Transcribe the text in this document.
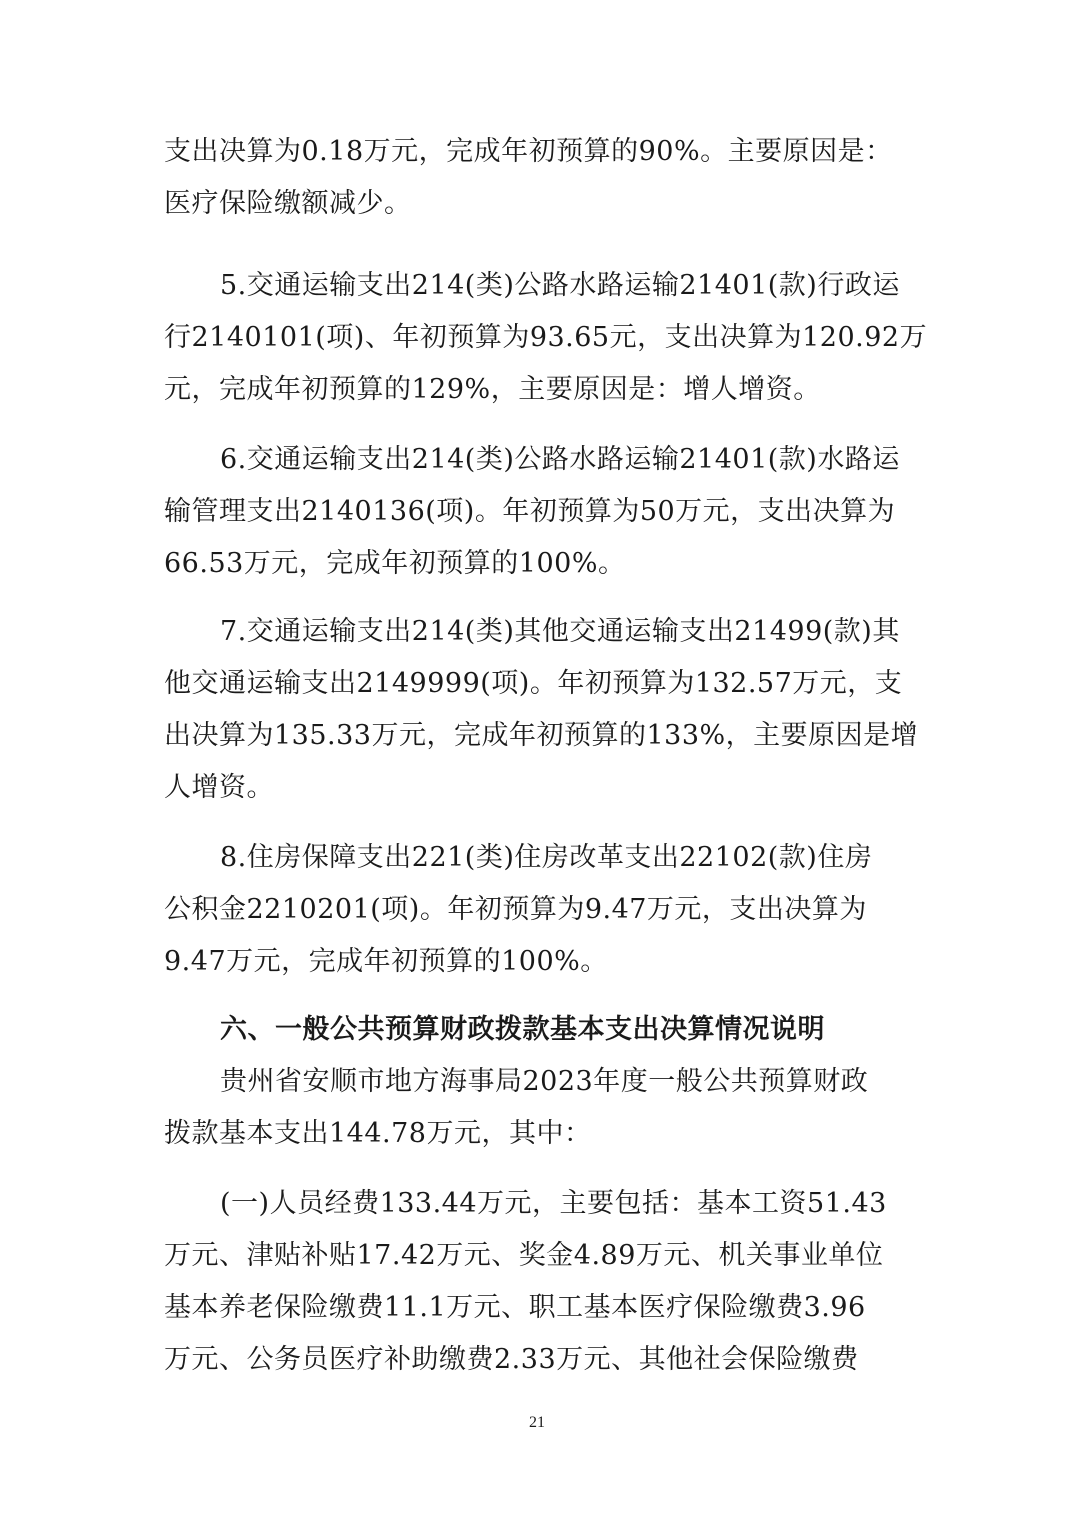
支出决算为0.18万元，完成年初预算的90%。主要原因是：
医疗保险缴额减少。
5.交通运输支出214(类)公路水路运输21401(款)行政运
行2140101(项)、年初预算为93.65元，支出决算为120.92万
元，完成年初预算的129%，主要原因是：增人增资。
6.交通运输支出214(类)公路水路运输21401(款)水路运
输管理支出2140136(项)。年初预算为50万元，支出决算为
66.53万元，完成年初预算的100%。
7.交通运输支出214(类)其他交通运输支出21499(款)其
他交通运输支出2149999(项)。年初预算为132.57万元，支
出决算为135.33万元，完成年初预算的133%，主要原因是增
人增资。
8.住房保障支出221(类)住房改革支出22102(款)住房
公积金2210201(项)。年初预算为9.47万元，支出决算为
9.47万元，完成年初预算的100%。
六、一般公共预算财政拨款基本支出决算情况说明
贵州省安顺市地方海事局2023年度一般公共预算财政
拨款基本支出144.78万元，其中：
(一)人员经费133.44万元，主要包括：基本工资51.43
万元、津贴补贴17.42万元、奖金4.89万元、机关事业单位
基本养老保险缴费11.1万元、职工基本医疗保险缴费3.96
万元、公务员医疗补助缴费2.33万元、其他社会保险缴费
21
